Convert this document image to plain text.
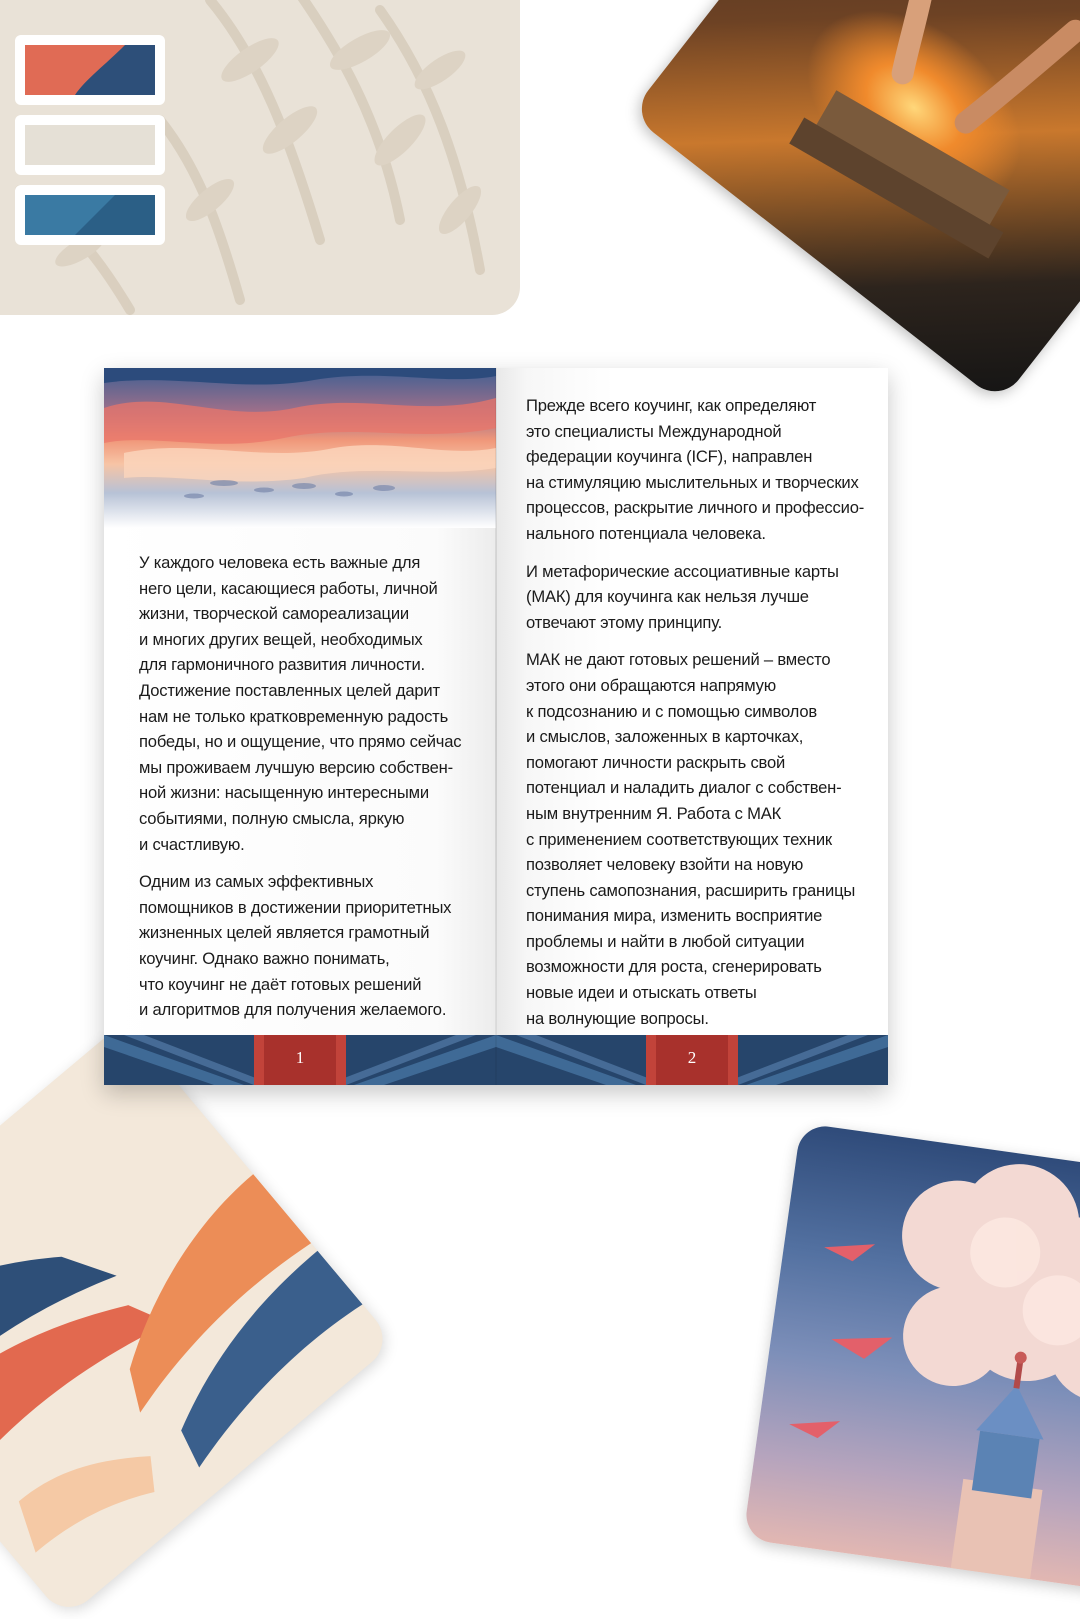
У каждого человека есть важные для
него цели, касающиеся работы, личной
жизни, творческой самореализации
и многих других вещей, необходимых
для гармоничного развития личности.
Достижение поставленных целей дарит
нам не только кратковременную радость
победы, но и ощущение, что прямо сейчас
мы проживаем лучшую версию собствен-
ной жизни: насыщенную интересными
событиями, полную смысла, яркую
и счастливую.
Одним из самых эффективных
помощников в достижении приоритетных
жизненных целей является грамотный
коучинг. Однако важно понимать,
что коучинг не даёт готовых решений
и алгоритмов для получения желаемого.
1
Прежде всего коучинг, как определяют
это специалисты Международной
федерации коучинга (ICF), направлен
на стимуляцию мыслительных и творческих
процессов, раскрытие личного и профессио-
нального потенциала человека.
И метафорические ассоциативные карты
(МАК) для коучинга как нельзя лучше
отвечают этому принципу.
МАК не дают готовых решений – вместо
этого они обращаются напрямую
к подсознанию и с помощью символов
и смыслов, заложенных в карточках,
помогают личности раскрыть свой
потенциал и наладить диалог с собствен-
ным внутренним Я. Работа с МАК
с применением соответствующих техник
позволяет человеку взойти на новую
ступень самопознания, расширить границы
понимания мира, изменить восприятие
проблемы и найти в любой ситуации
возможности для роста, сгенерировать
новые идеи и отыскать ответы
на волнующие вопросы.
2
